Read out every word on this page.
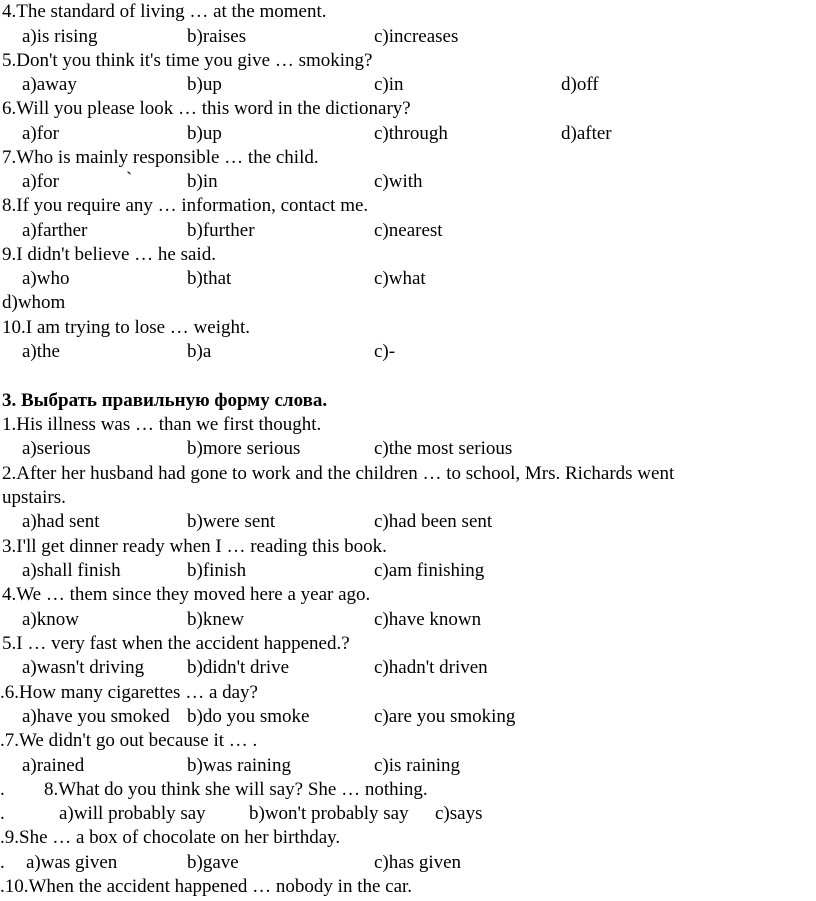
4.The standard of living … at the moment.
a)is rising	b)raises	c)increases
5.Don't you think it's time you give … smoking?
a)away	b)up	c)in	d)off
6.Will you please look … this word in the dictionary?
a)for	b)up	c)through	d)after
7.Who is mainly responsible … the child.
a)for	`	b)in	c)with
8.If you require any … information, contact me.
a)farther	b)further	c)nearest
9.I didn't believe … he said.
a)who	b)that	c)what
d)whom
10.I am trying to lose … weight.
a)the	b)a	c)-
3. Выбрать правильную форму слова.
1.His illness was … than we first thought.
a)serious	b)more serious	c)the most serious
2.After her husband had gone to work and the children … to school, Mrs. Richards went
upstairs.
a)had sent	b)were sent	c)had been sent
3.I'll get dinner ready when I … reading this book.
a)shall finish	b)finish	c)am finishing
4.We … them since they moved here a year ago.
a)know	b)knew	c)have known
5.I … very fast when the accident happened.?
a)wasn't driving b)didn't drive	c)hadn't driven
.6.How many cigarettes … a day?
a)have you smoked b)do you smoke	c)are you smoking
.7.We didn't go out because it … .
a)rained	b)was raining	c)is raining
. 8.What do you think she will say? She … nothing.
.	a)will probably say b)won't probably say c)says
.9.She … a box of chocolate on her birthday.
. a)was given	b)gave	c)has given
.10.When the accident happened … nobody in the car.
